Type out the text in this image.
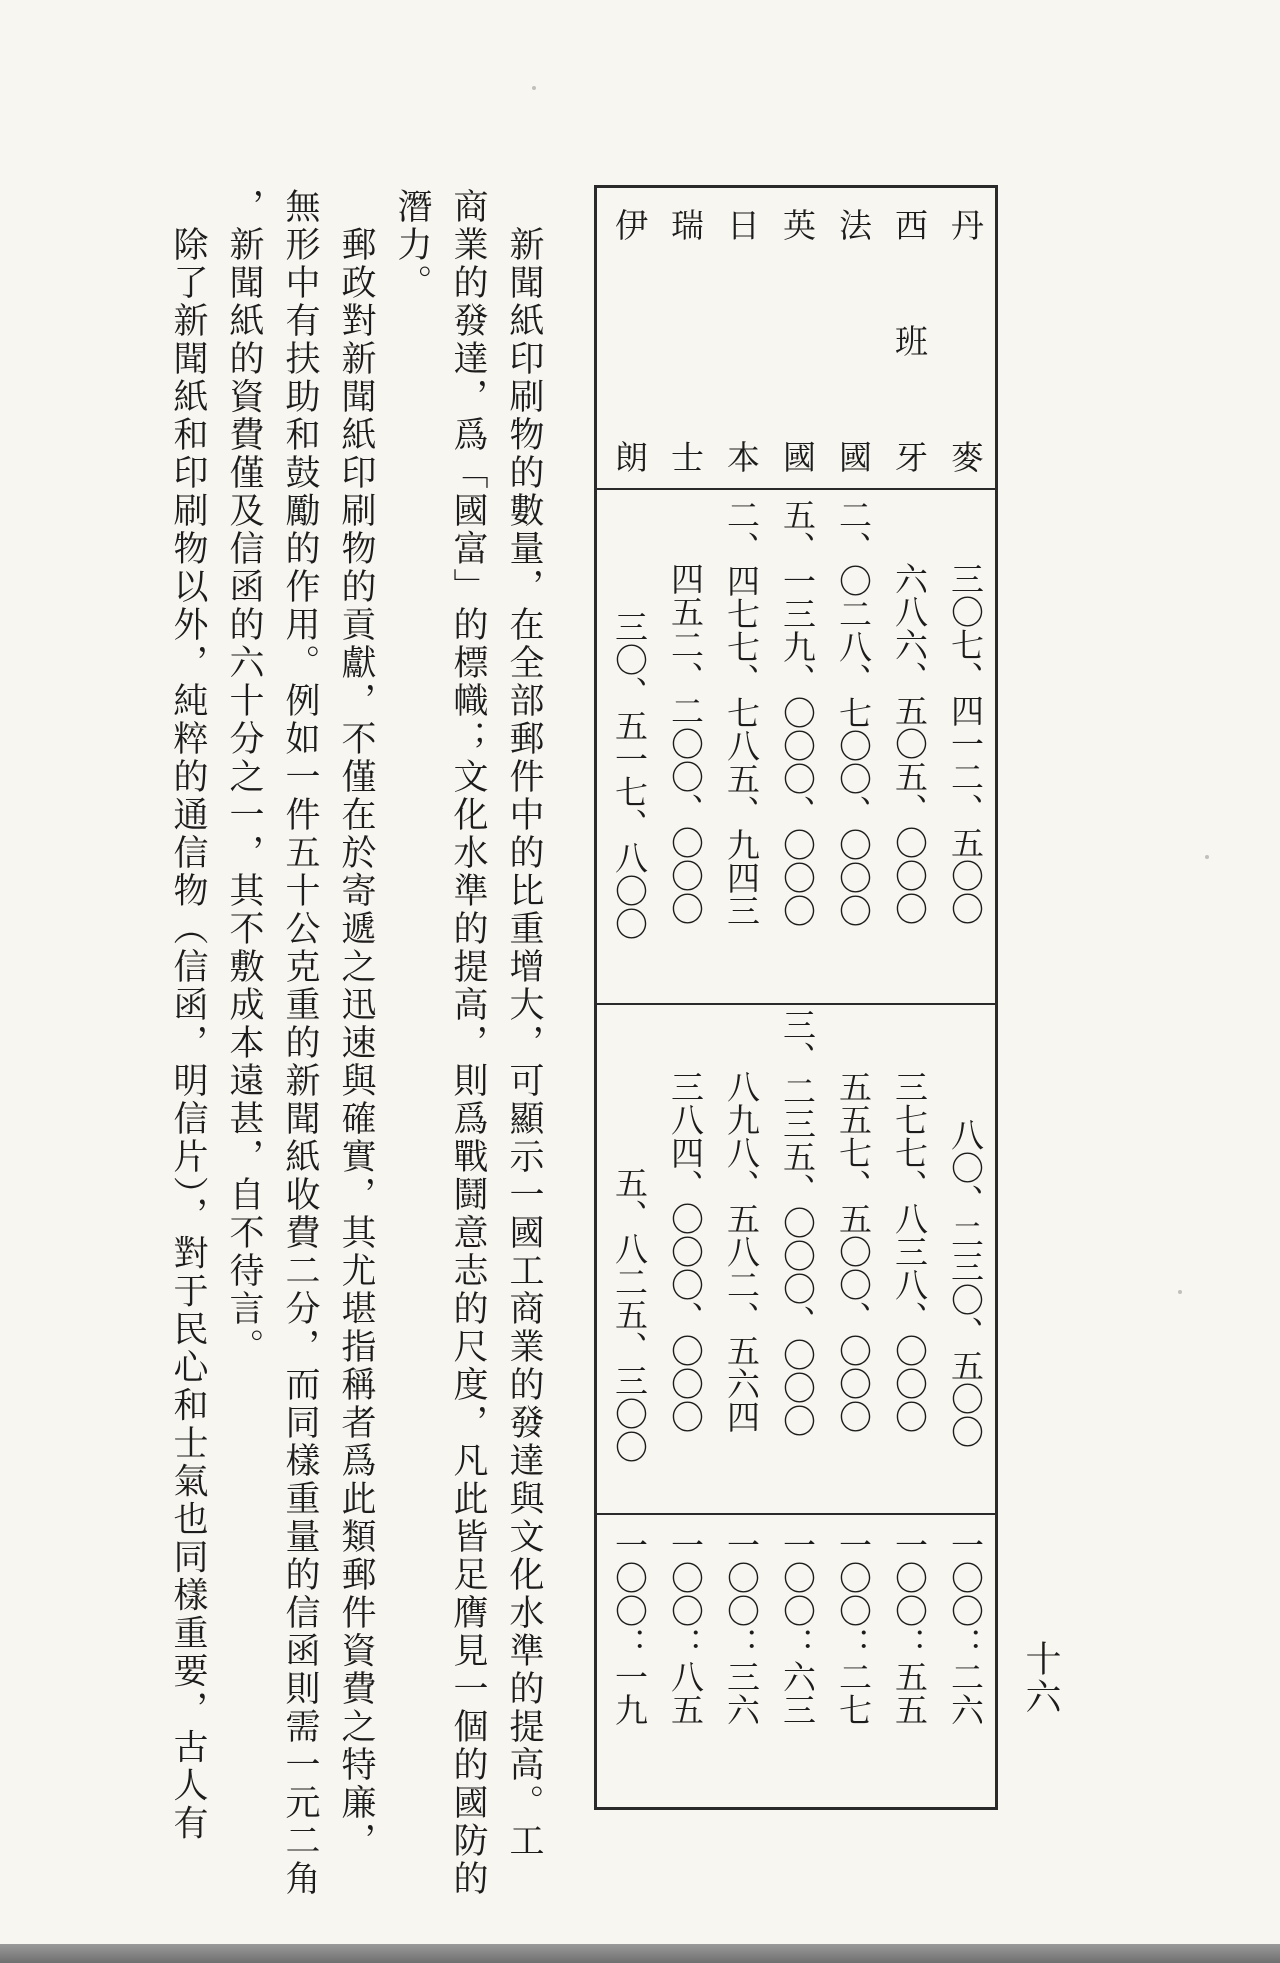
十六
丹麥
西班牙
法國
英國
日本
瑞士
伊朗
三〇七、四一二、五〇〇
六八六、五〇五、〇〇〇
二、〇二八、七〇〇、〇〇〇
五、一三九、〇〇〇、〇〇〇
二、四七七、七八五、九四三
四五二、二〇〇、〇〇〇
三〇、五一七、八〇〇
八〇、二三〇、五〇〇
三七七、八三八、〇〇〇
五五七、五〇〇、〇〇〇
三、二三五、〇〇〇、〇〇〇
八九八、五八二、五六四
三八四、〇〇〇、〇〇〇
五、八二五、三〇〇
一〇〇：二六
一〇〇：五五
一〇〇：二七
一〇〇：六三
一〇〇：三六
一〇〇：八五
一〇〇：一九
　新聞紙印刷物的數量，在全部郵件中的比重增大，可顯示一國工商業的發達與文化水準的提高。工
商業的發達，爲「國富」的標幟；文化水準的提高，則爲戰鬪意志的尺度，凡此皆足膺見一個的國防的
潛力。
　郵政對新聞紙印刷物的貢獻，不僅在於寄遞之迅速與確實，其尤堪指稱者爲此類郵件資費之特廉，
無形中有扶助和鼓勵的作用。例如一件五十公克重的新聞紙收費二分，而同樣重量的信函則需一元二角
，新聞紙的資費僅及信函的六十分之一，其不敷成本遠甚，自不待言。
　除了新聞紙和印刷物以外，純粹的通信物（信函，明信片），對于民心和士氣也同樣重要，古人有
